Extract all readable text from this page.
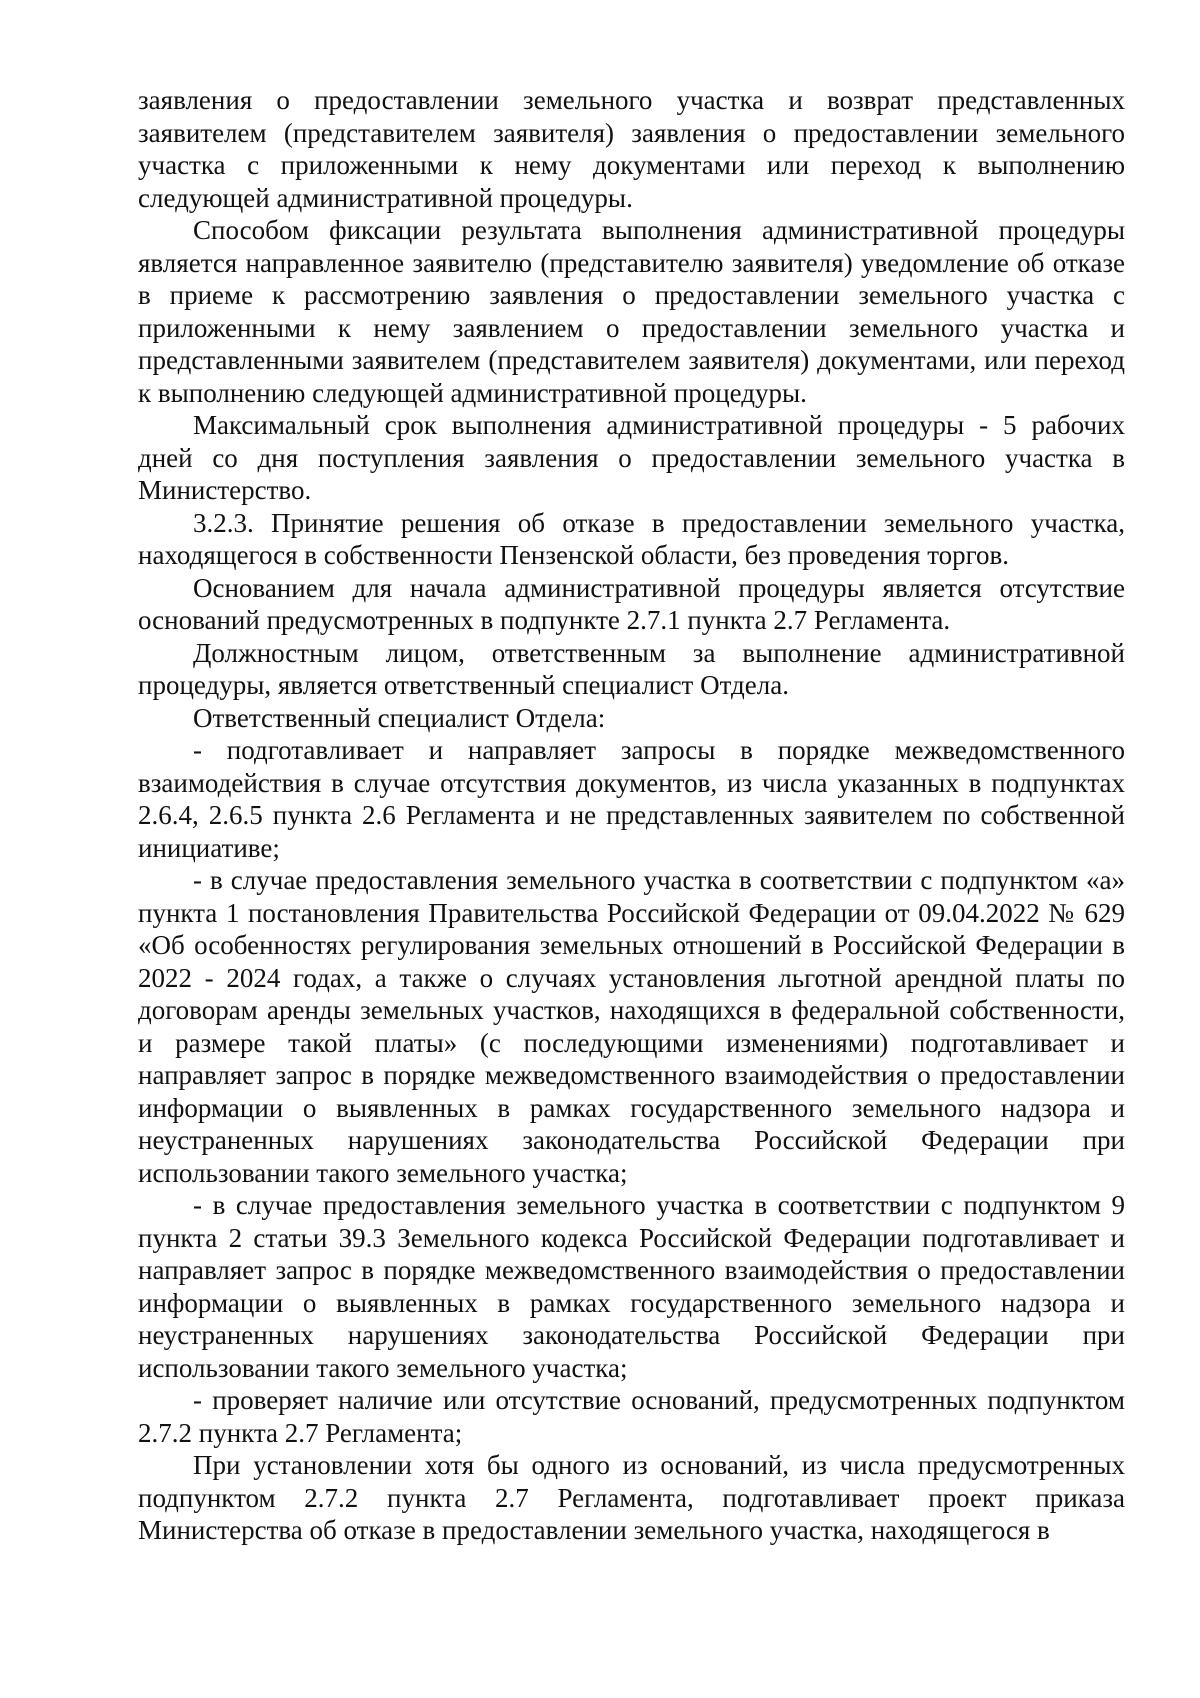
заявления о предоставлении земельного участка и возврат представленных заявителем (представителем заявителя) заявления о предоставлении земельного участка с приложенными к нему документами или переход к выполнению следующей административной процедуры.

Способом фиксации результата выполнения административной процедуры является направленное заявителю (представителю заявителя) уведомление об отказе в приеме к рассмотрению заявления о предоставлении земельного участка с приложенными к нему заявлением о предоставлении земельного участка и представленными заявителем (представителем заявителя) документами, или переход к выполнению следующей административной процедуры.

Максимальный срок выполнения административной процедуры - 5 рабочих дней со дня поступления заявления о предоставлении земельного участка в Министерство.

3.2.3. Принятие решения об отказе в предоставлении земельного участка, находящегося в собственности Пензенской области, без проведения торгов.

Основанием для начала административной процедуры является отсутствие оснований предусмотренных в подпункте 2.7.1 пункта 2.7 Регламента.

Должностным лицом, ответственным за выполнение административной процедуры, является ответственный специалист Отдела.

Ответственный специалист Отдела:

- подготавливает и направляет запросы в порядке межведомственного взаимодействия в случае отсутствия документов, из числа указанных в подпунктах 2.6.4, 2.6.5 пункта 2.6 Регламента и не представленных заявителем по собственной инициативе;

- в случае предоставления земельного участка в соответствии с подпунктом «а» пункта 1 постановления Правительства Российской Федерации от 09.04.2022 № 629 «Об особенностях регулирования земельных отношений в Российской Федерации в 2022 - 2024 годах, а также о случаях установления льготной арендной платы по договорам аренды земельных участков, находящихся в федеральной собственности, и размере такой платы» (с последующими изменениями) подготавливает и направляет запрос в порядке межведомственного взаимодействия о предоставлении информации о выявленных в рамках государственного земельного надзора и неустраненных нарушениях законодательства Российской Федерации при использовании такого земельного участка;

- в случае предоставления земельного участка в соответствии с подпунктом 9 пункта 2 статьи 39.3 Земельного кодекса Российской Федерации подготавливает и направляет запрос в порядке межведомственного взаимодействия о предоставлении информации о выявленных в рамках государственного земельного надзора и неустраненных нарушениях законодательства Российской Федерации при использовании такого земельного участка;

- проверяет наличие или отсутствие оснований, предусмотренных подпунктом 2.7.2 пункта 2.7 Регламента;

При установлении хотя бы одного из оснований, из числа предусмотренных подпунктом 2.7.2 пункта 2.7 Регламента, подготавливает проект приказа Министерства об отказе в предоставлении земельного участка, находящегося в
